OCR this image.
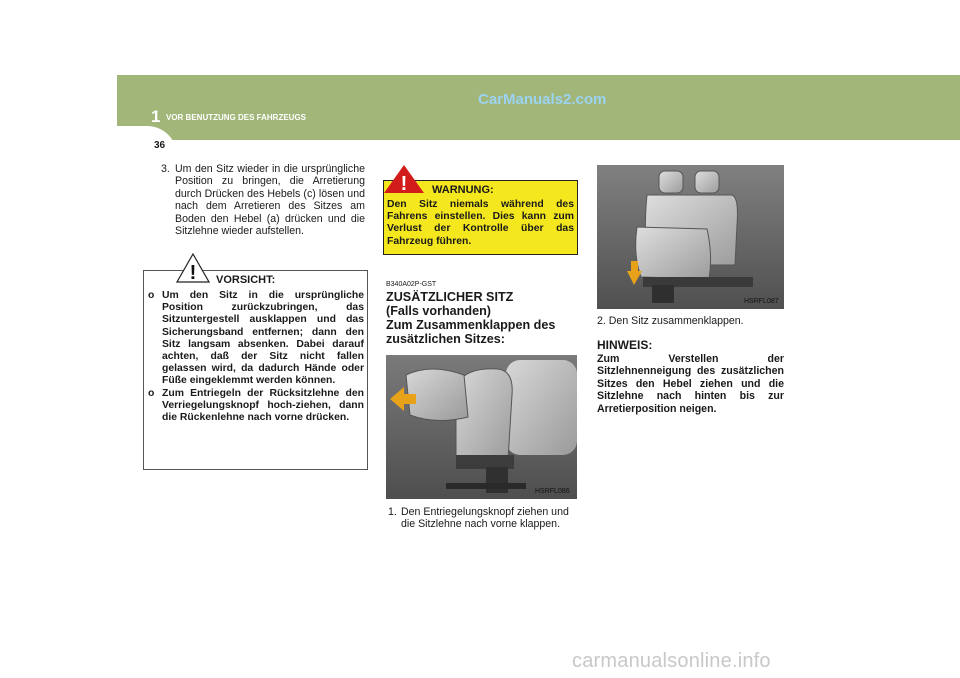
1 VOR BENUTZUNG DES FAHRZEUGS
CarManuals2.com
36
3. Um den Sitz wieder in die ursprüngliche Position zu bringen, die Arretierung durch Drücken des Hebels (c) lösen und nach dem Arretieren des Sitzes am Boden den Hebel (a) drücken und die Sitzlehne wieder aufstellen.
! VORSICHT:
o Um den Sitz in die ursprüngliche Position zurückzubringen, das Sitzuntergestell ausklappen und das Sicherungsband entfernen; dann den Sitz langsam absenken. Dabei darauf achten, daß der Sitz nicht fallen gelassen wird, da dadurch Hände oder Füße eingeklemmt werden können.
o Zum Entriegeln der Rücksitzlehne den Verriegelungsknopf hoch-ziehen, dann die Rückenlehne nach vorne drücken.
! WARNUNG:
Den Sitz niemals während des Fahrens einstellen. Dies kann zum Verlust der Kontrolle über das Fahrzeug führen.
B340A02P-GST
ZUSÄTZLICHER SITZ
(Falls vorhanden)
Zum Zusammenklappen des zusätzlichen Sitzes:
HSRFL086
1. Den Entriegelungsknopf ziehen und die Sitzlehne nach vorne klappen.
HSRFL087
2. Den Sitz zusammenklappen.
HINWEIS:
Zum Verstellen der Sitzlehnenneigung des zusätzlichen Sitzes den Hebel ziehen und die Sitzlehne nach hinten bis zur Arretierposition neigen.
carmanualsonline.info
